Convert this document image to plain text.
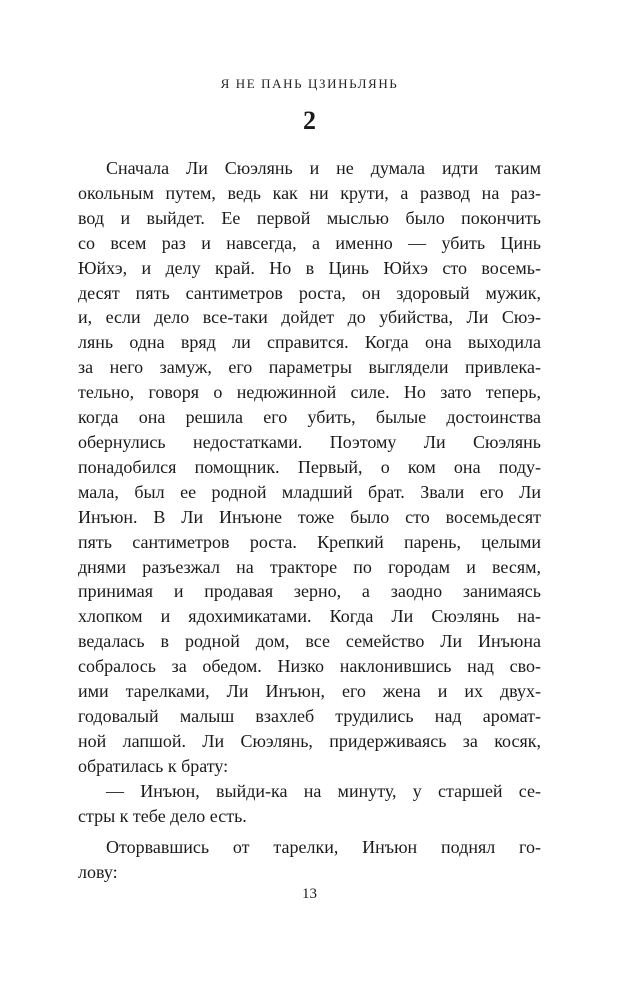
Я НЕ ПАНЬ ЦЗИНЬЛЯНЬ
2

Сначала Ли Сюэлянь и не думала идти таким
окольным путем, ведь как ни крути, а развод на раз-
вод и выйдет. Ее первой мыслью было покончить
со всем раз и навсегда, а именно — убить Цинь
Юйхэ, и делу край. Но в Цинь Юйхэ сто восемь-
десят пять сантиметров роста, он здоровый мужик,
и, если дело все-таки дойдет до убийства, Ли Сюэ-
лянь одна вряд ли справится. Когда она выходила
за него замуж, его параметры выглядели привлека-
тельно, говоря о недюжинной силе. Но зато теперь,
когда она решила его убить, былые достоинства
обернулись недостатками. Поэтому Ли Сюэлянь
понадобился помощник. Первый, о ком она поду-
мала, был ее родной младший брат. Звали его Ли
Инъюн. В Ли Инъюне тоже было сто восемьдесят
пять сантиметров роста. Крепкий парень, целыми
днями разъезжал на тракторе по городам и весям,
принимая и продавая зерно, а заодно занимаясь
хлопком и ядохимикатами. Когда Ли Сюэлянь на-
ведалась в родной дом, все семейство Ли Инъюна
собралось за обедом. Низко наклонившись над сво-
ими тарелками, Ли Инъюн, его жена и их двух-
годовалый малыш взахлеб трудились над аромат-
ной лапшой. Ли Сюэлянь, придерживаясь за косяк,
обратилась к брату:

— Инъюн, выйди-ка на минуту, у старшей се-
стры к тебе дело есть.

Оторвавшись от тарелки, Инъюн поднял го-
лову:

13
